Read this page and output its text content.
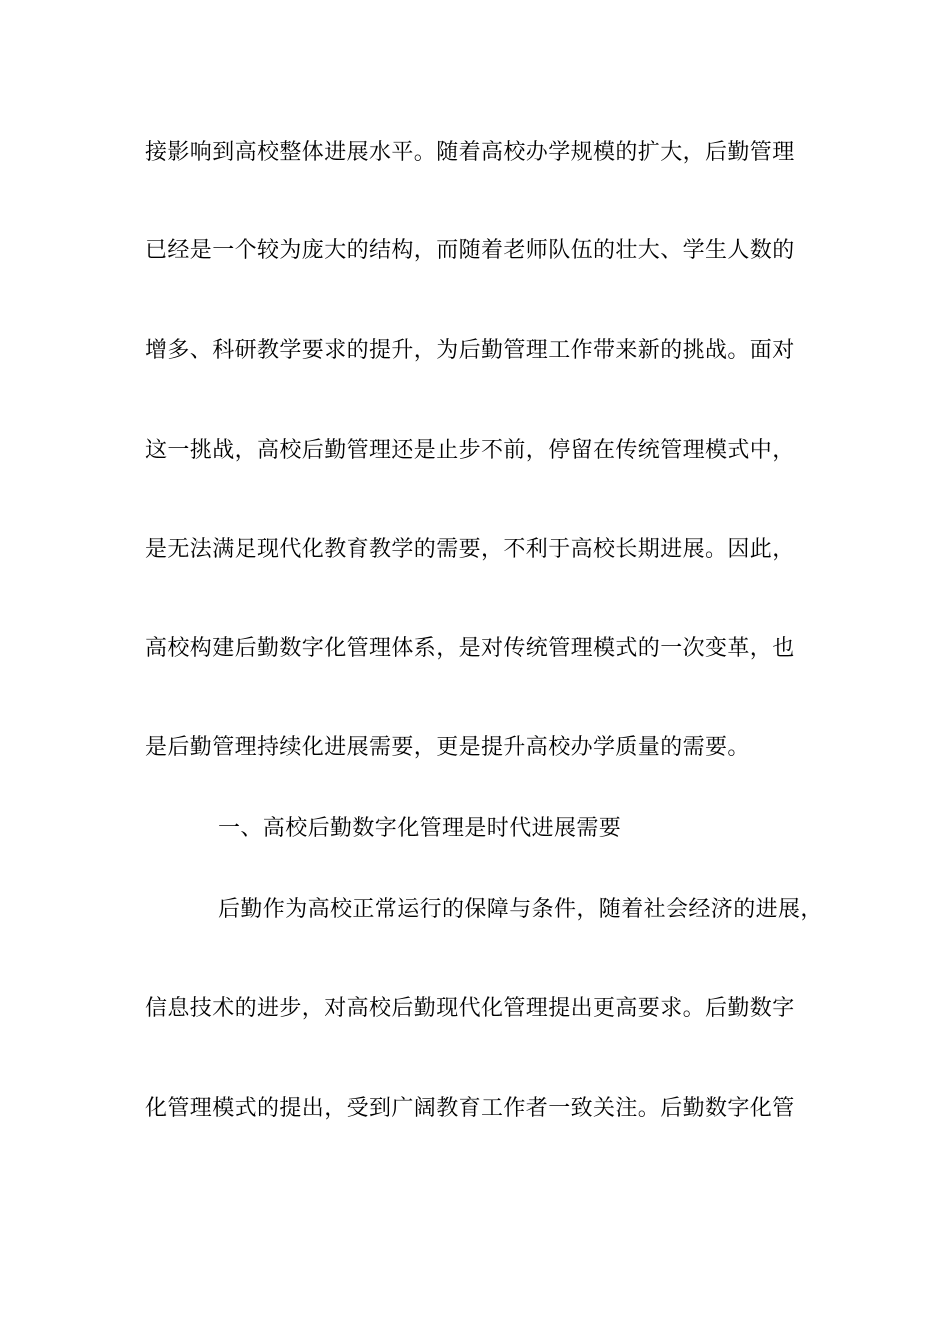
接影响到高校整体进展水平。随着高校办学规模的扩大，后勤管理
已经是一个较为庞大的结构，而随着老师队伍的壮大、学生人数的
增多、科研教学要求的提升，为后勤管理工作带来新的挑战。面对
这一挑战，高校后勤管理还是止步不前，停留在传统管理模式中，
是无法满足现代化教育教学的需要，不利于高校长期进展。因此，
高校构建后勤数字化管理体系，是对传统管理模式的一次变革，也
是后勤管理持续化进展需要，更是提升高校办学质量的需要。
一、高校后勤数字化管理是时代进展需要
后勤作为高校正常运行的保障与条件，随着社会经济的进展，
信息技术的进步，对高校后勤现代化管理提出更高要求。后勤数字
化管理模式的提出，受到广阔教育工作者一致关注。后勤数字化管
